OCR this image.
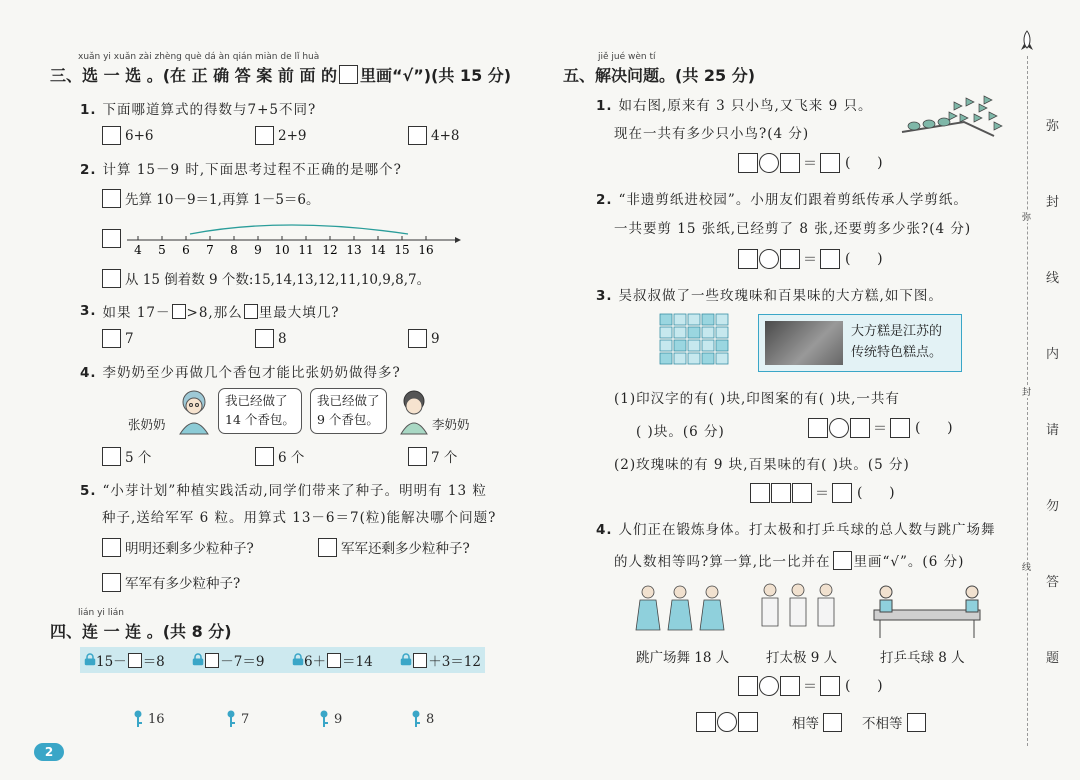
xuǎn yi xuǎn zài zhèng què dá àn qián miàn de lǐ huà
三、选 一 选 。(在 正 确 答 案 前 面 的 里画“√”)(共 15 分)
1. 下面哪道算式的得数与7+5不同?
6+6	2+9	4+8
2. 计算 15－9 时,下面思考过程不正确的是哪个?
先算 10－9＝1,再算 1－5＝6。
4 5 6 7 8 9 10 11 12 13 14 15 16
从 15 倒着数 9 个数:15,14,13,12,11,10,9,8,7。
3. 如果 17－ >8,那么 里最大填几?
7	8	9
4. 李奶奶至少再做几个香包才能比张奶奶做得多?
张奶奶
我已经做了
14 个香包。
我已经做了
9 个香包。	李奶奶
5 个	6 个	7 个
5. “小芽计划”种植实践活动,同学们带来了种子。明明有 13 粒
种子,送给军军 6 粒。用算式 13－6＝7(粒)能解决哪个问题?
明明还剩多少粒种子?	军军还剩多少粒种子?
军军有多少粒种子?
lián yi lián
四、连 一 连 。(共 8 分)
15－ ＝8	－7＝9	6＋ ＝14	＋3＝12
16	7	9	8
2
jiě jué wèn tí
五、解决问题。(共 25 分)
1. 如右图,原来有 3 只小鸟,又飞来 9 只。
现在一共有多少只小鸟?(4 分)
＝ (      )
2. “非遗剪纸进校园”。小朋友们跟着剪纸传承人学剪纸。
一共要剪 15 张纸,已经剪了 8 张,还要剪多少张?(4 分)
＝ (      )
3. 吴叔叔做了一些玫瑰味和百果味的大方糕,如下图。
大方糕是江苏的
传统特色糕点。
(1)印汉字的有( )块,印图案的有( )块,一共有
( )块。(6 分)	＝ (      )
(2)玫瑰味的有 9 块,百果味的有( )块。(5 分)
＝ (      )
4. 人们正在锻炼身体。打太极和打乒乓球的总人数与跳广场舞
的人数相等吗?算一算,比一比并在 里画“√”。(6 分)
跳广场舞 18 人	打太极 9 人	打乒乓球 8 人
＝ (      )
相等	不相等
弥
封
线
内
请
勿
答
题
弥
封
线
